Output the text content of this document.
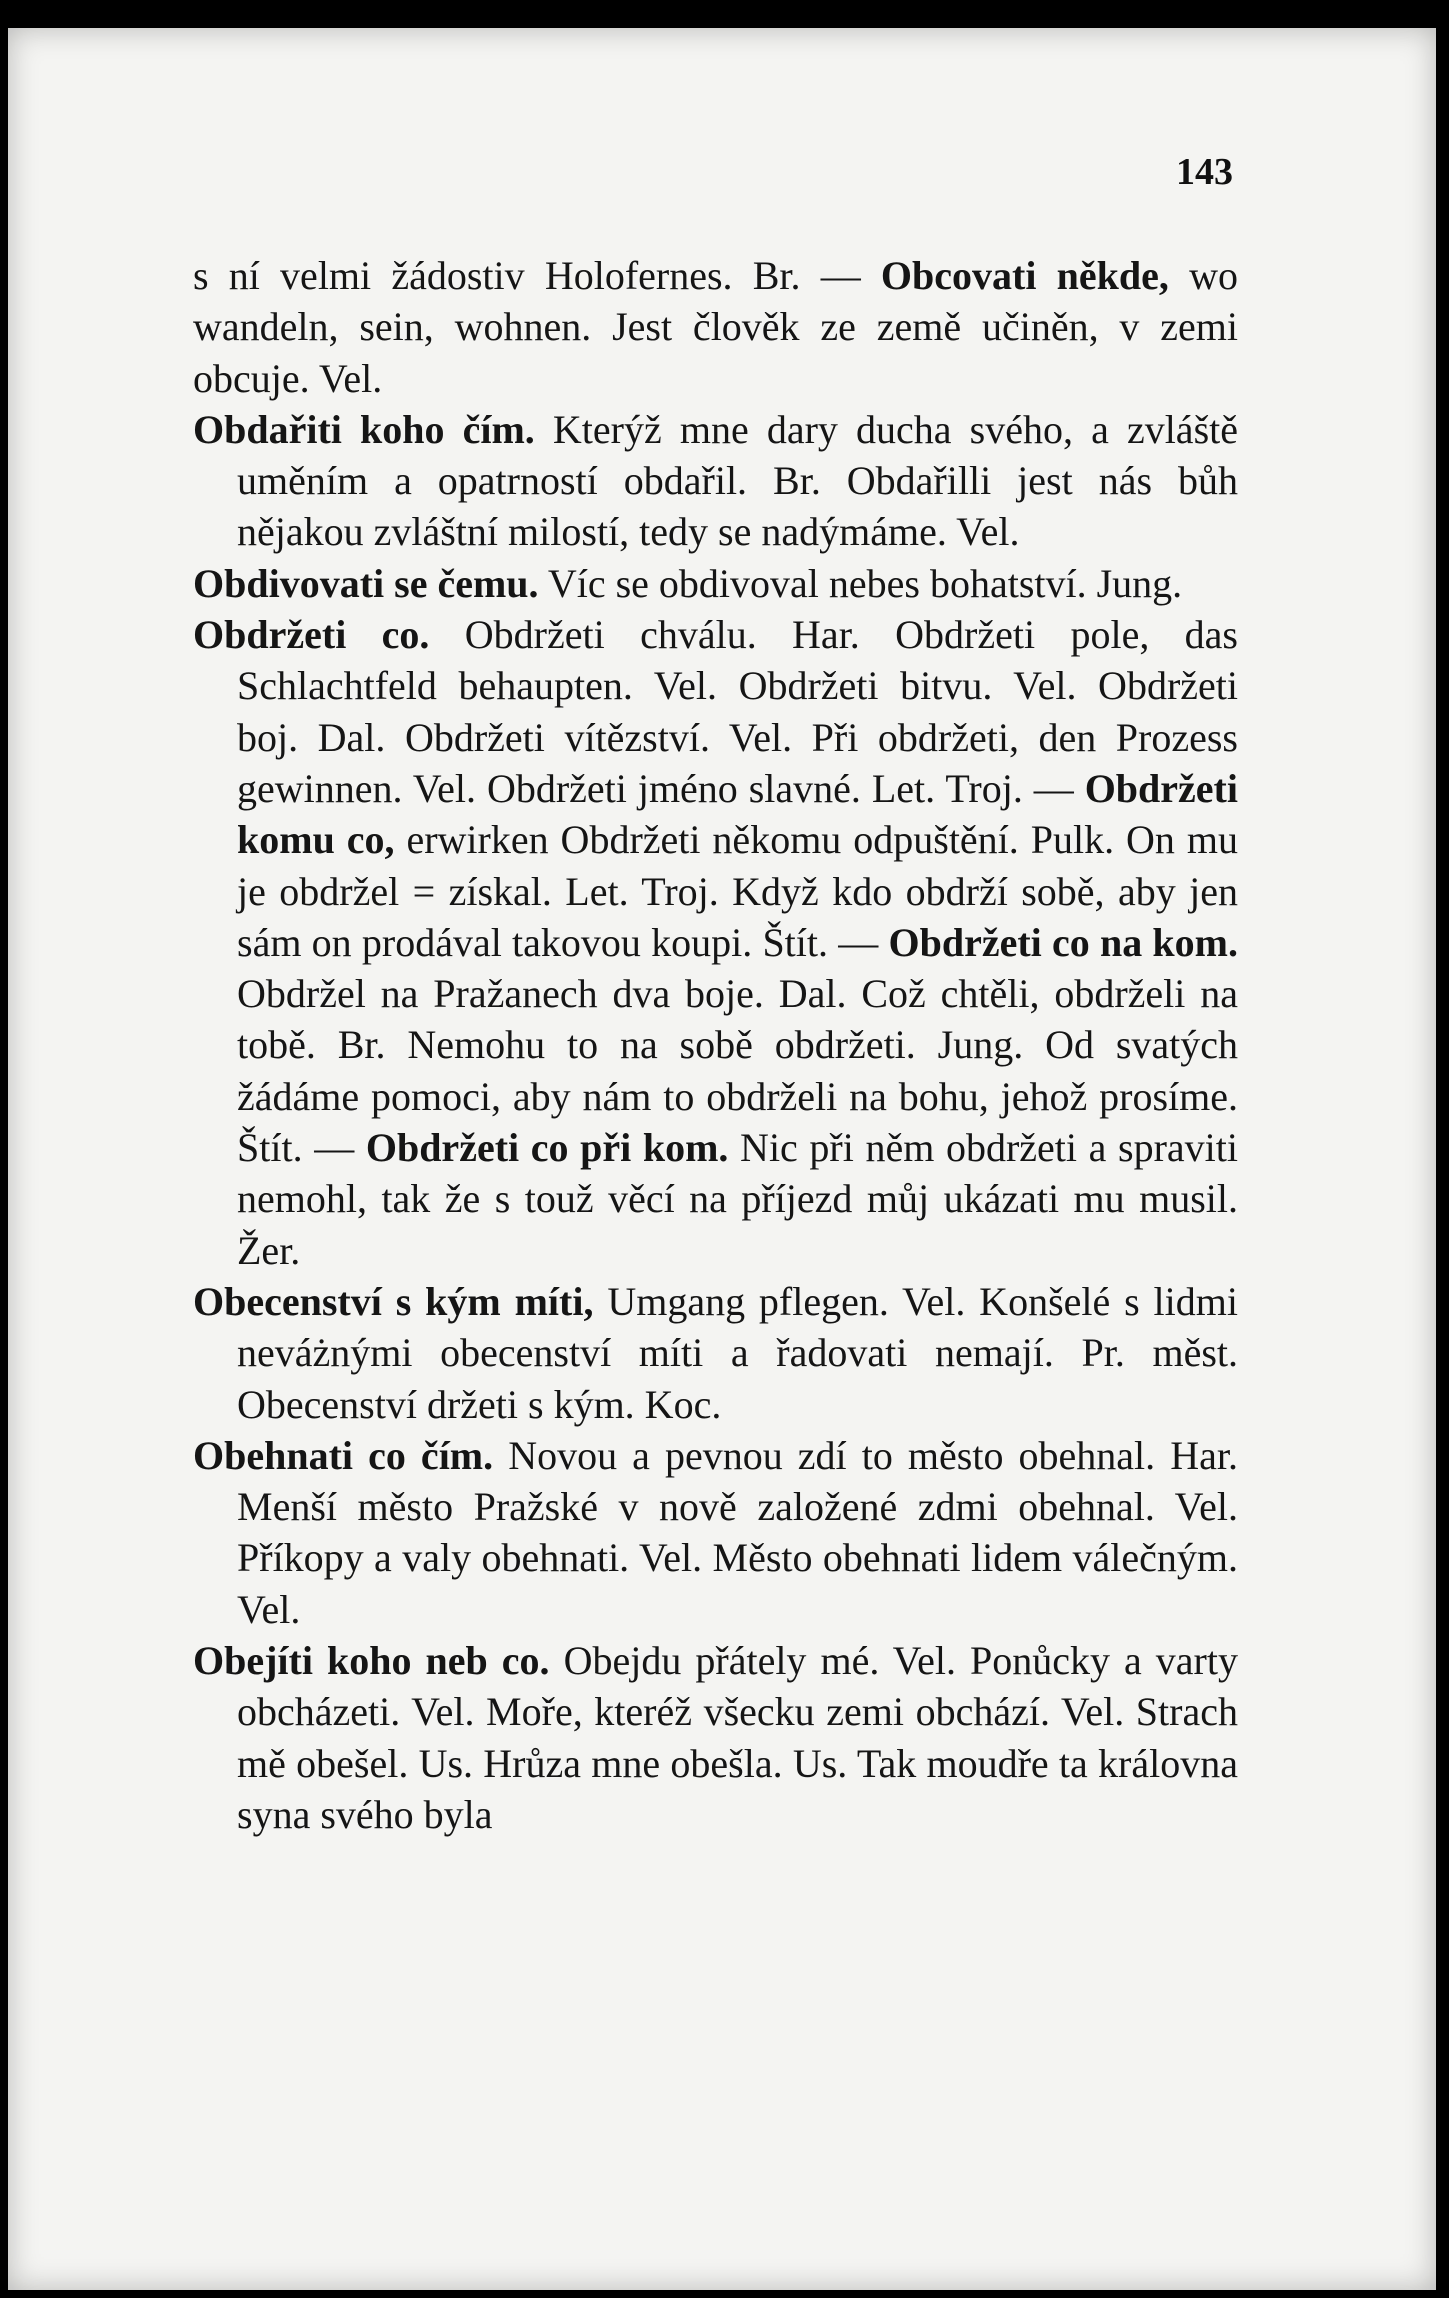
143

s ní velmi žádostiv Holofernes. Br. — Obcovati někde, wo wandeln, sein, wohnen. Jest člověk ze země učiněn, v zemi obcuje. Vel.

Obdařiti koho čím. Kterýž mne dary ducha svého, a zvláště uměním a opatrností obdařil. Br. Obdařilli jest nás bůh nějakou zvláštní milostí, tedy se nadýmáme. Vel.

Obdivovati se čemu. Víc se obdivoval nebes bohatství. Jung.

Obdržeti co. Obdržeti chválu. Har. Obdržeti pole, das Schlachtfeld behaupten. Vel. Obdržeti bitvu. Vel. Obdržeti boj. Dal. Obdržeti vítězství. Vel. Při obdržeti, den Prozess gewinnen. Vel. Obdržeti jméno slavné. Let. Troj. — Obdržeti komu co, erwirken Obdržeti někomu odpuštění. Pulk. On mu je obdržel = získal. Let. Troj. Když kdo obdrží sobě, aby jen sám on prodával takovou koupi. Štít. — Obdržeti co na kom. Obdržel na Pražanech dva boje. Dal. Což chtěli, obdrželi na tobě. Br. Nemohu to na sobě obdržeti. Jung. Od svatých žádáme pomoci, aby nám to obdrželi na bohu, jehož prosíme. Štít. — Obdržeti co při kom. Nic při něm obdržeti a spraviti nemohl, tak že s touž věcí na příjezd můj ukázati mu musil. Žer.

Obecenství s kým míti, Umgang pflegen. Vel. Konšelé s lidmi neváżnými obecenství míti a řadovati nemají. Pr. měst. Obecenství držeti s kým. Koc.

Obehnati co čím. Novou a pevnou zdí to město obehnal. Har. Menší město Pražské v nově založené zdmi obehnal. Vel. Příkopy a valy obehnati. Vel. Město obehnati lidem válečným. Vel.

Obejíti koho neb co. Obejdu přátely mé. Vel. Ponůcky a varty obcházeti. Vel. Moře, kteréž všecku zemi obchází. Vel. Strach mě obešel. Us. Hrůza mne obešla. Us. Tak moudře ta královna syna svého byla
